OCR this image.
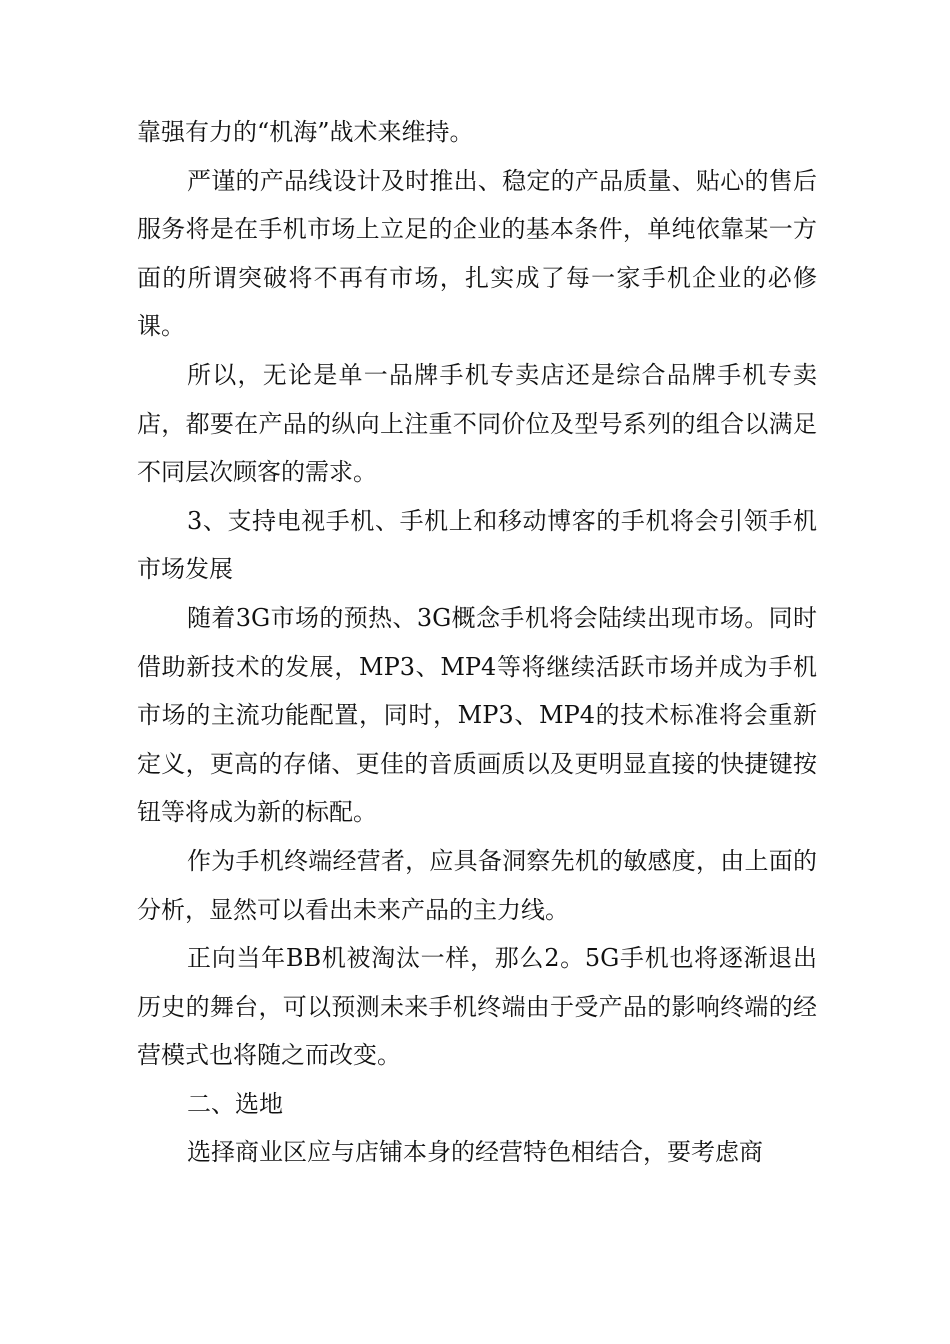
靠强有力的“机海”战术来维持。

严谨的产品线设计及时推出、稳定的产品质量、贴心的售后服务将是在手机市场上立足的企业的基本条件，单纯依靠某一方面的所谓突破将不再有市场，扎实成了每一家手机企业的必修课。

所以，无论是单一品牌手机专卖店还是综合品牌手机专卖店，都要在产品的纵向上注重不同价位及型号系列的组合以满足不同层次顾客的需求。

3、支持电视手机、手机上和移动博客的手机将会引领手机市场发展

随着3G市场的预热、3G概念手机将会陆续出现市场。同时借助新技术的发展，MP3、MP4等将继续活跃市场并成为手机市场的主流功能配置，同时，MP3、MP4的技术标准将会重新定义，更高的存储、更佳的音质画质以及更明显直接的快捷键按钮等将成为新的标配。

作为手机终端经营者，应具备洞察先机的敏感度，由上面的分析，显然可以看出未来产品的主力线。

正向当年BB机被淘汰一样，那么2。5G手机也将逐渐退出历史的舞台，可以预测未来手机终端由于受产品的影响终端的经营模式也将随之而改变。

二、选地

选择商业区应与店铺本身的经营特色相结合，要考虑商
